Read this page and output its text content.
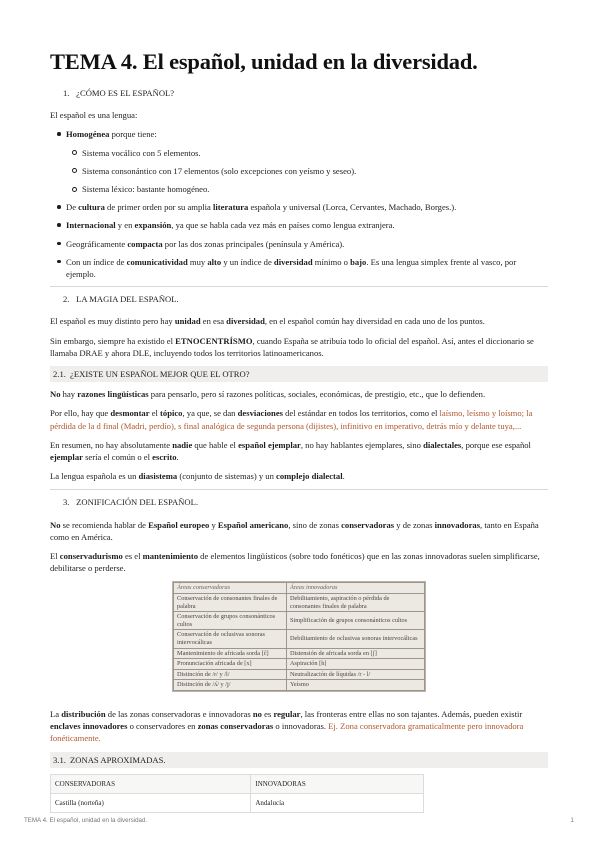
TEMA 4. El español, unidad en la diversidad.
1. ¿CÓMO ES EL ESPAÑOL?

El español es una lengua:

Homogénea porque tiene:
Sistema vocálico con 5 elementos.
Sistema consonántico con 17 elementos (solo excepciones con yeísmo y seseo).
Sistema léxico: bastante homogéneo.
De cultura de primer orden por su amplia literatura española y universal (Lorca, Cervantes, Machado, Borges.).
Internacional y en expansión, ya que se habla cada vez más en países como lengua extranjera.
Geográficamente compacta por las dos zonas principales (península y América).
Con un índice de comunicatividad muy alto y un índice de diversidad mínimo o bajo. Es una lengua simplex frente al vasco, por ejemplo.
2. LA MAGIA DEL ESPAÑOL.

El español es muy distinto pero hay unidad en esa diversidad, en el español común hay diversidad en cada uno de los puntos.

Sin embargo, siempre ha existido el ETNOCENTRÍSMO, cuando España se atribuía todo lo oficial del español. Así, antes el diccionario se llamaba DRAE y ahora DLE, incluyendo todos los territorios latinoamericanos.

2.1. ¿EXISTE UN ESPAÑOL MEJOR QUE EL OTRO?

No hay razones lingüísticas para pensarlo, pero sí razones políticas, sociales, económicas, de prestigio, etc., que lo defienden.

Por ello, hay que desmontar el tópico, ya que, se dan desviaciones del estándar en todos los territorios, como el laísmo, leísmo y loísmo; la pérdida de la d final (Madri, perdío), s final analógica de segunda persona (dijistes), infinitivo en imperativo, detrás mío y delante tuya,...

En resumen, no hay absolutamente nadie que hable el español ejemplar, no hay hablantes ejemplares, sino dialectales, porque ese español ejemplar sería el común o el escrito.

La lengua española es un diasistema (conjunto de sistemas) y un complejo dialectal.

3. ZONIFICACIÓN DEL ESPAÑOL.

No se recomienda hablar de Español europeo y Español americano, sino de zonas conservadoras y de zonas innovadoras, tanto en España como en América.

El conservadurismo es el mantenimiento de elementos lingüísticos (sobre todo fonéticos) que en las zonas innovadoras suelen simplificarse, debilitarse o perderse.

Áreas conservadoras	Áreas innovadoras
Conservación de consonantes finales de palabra	Debilitamiento, aspiración o pérdida de consonantes finales de palabra
Conservación de grupos consonánticos cultos	Simplificación de grupos consonánticos cultos
Conservación de oclusivas sonoras intervocálicas	Debilitamiento de oclusivas sonoras intervocálicas
Mantenimiento de africada sorda [ĉ]	Distensión de africada sorda en [ʃ]
Pronunciación africada de [x]	Aspiración [h]
Distinción de /r/ y /l/	Neutralización de líquidas /r - l/
Distinción de /ʎ/ y /ʝ/	Yeísmo

La distribución de las zonas conservadoras e innovadoras no es regular, las fronteras entre ellas no son tajantes. Además, pueden existir enclaves innovadores o conservadores en zonas conservadoras o innovadoras. Ej. Zona conservadora gramaticalmente pero innovadora fonéticamente.

3.1. ZONAS APROXIMADAS.
CONSERVADORAS	INNOVADORAS
Castilla (norteña)	Andalucía
TEMA 4. El español, unidad en la diversidad.	1
